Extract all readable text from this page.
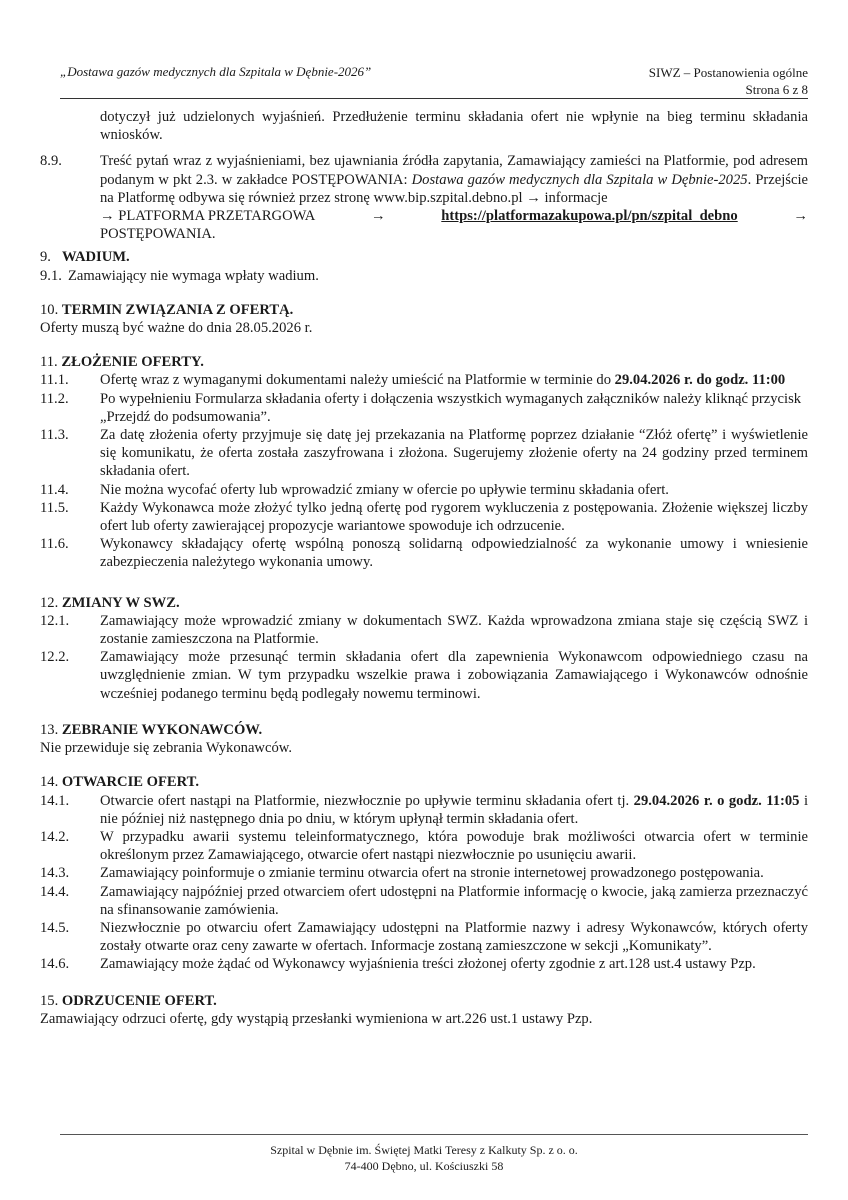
„Dostawa gazów medycznych dla Szpitala w Dębnie-2026”	SIWZ – Postanowienia ogólne
Strona 6 z 8
dotyczył już udzielonych wyjaśnień. Przedłużenie terminu składania ofert nie wpłynie na bieg terminu składania wniosków.
8.9.	Treść pytań wraz z wyjaśnieniami, bez ujawniania źródła zapytania, Zamawiający zamieści na Platformie, pod adresem podanym w pkt 2.3. w zakładce POSTĘPOWANIA: Dostawa gazów medycznych dla Szpitala w Dębnie-2025. Przejście na Platformę odbywa się również przez stronę www.bip.szpital.debno.pl → informacje
→ PLATFORMA PRZETARGOWA	→	https://platformazakupowa.pl/pn/szpital_debno	→
POSTĘPOWANIA.
9. WADIUM.
9.1. Zamawiający nie wymaga wpłaty wadium.
10. TERMIN ZWIĄZANIA Z OFERTĄ.
Oferty muszą być ważne do dnia 28.05.2026 r.
11. ZŁOŻENIE OFERTY.
11.1.	Ofertę wraz z wymaganymi dokumentami należy umieścić na Platformie w terminie do 29.04.2026 r. do godz. 11:00
11.2.	Po wypełnieniu Formularza składania oferty i dołączenia wszystkich wymaganych załączników należy kliknąć przycisk „Przejdź do podsumowania”.
11.3.	Za datę złożenia oferty przyjmuje się datę jej przekazania na Platformę poprzez działanie “Złóż ofertę” i wyświetlenie się komunikatu, że oferta została zaszyfrowana i złożona. Sugerujemy złożenie oferty na 24 godziny przed terminem składania ofert.
11.4.	Nie można wycofać oferty lub wprowadzić zmiany w ofercie po upływie terminu składania ofert.
11.5.	Każdy Wykonawca może złożyć tylko jedną ofertę pod rygorem wykluczenia z postępowania. Złożenie większej liczby ofert lub oferty zawierającej propozycje wariantowe spowoduje ich odrzucenie.
11.6.	Wykonawcy składający ofertę wspólną ponoszą solidarną odpowiedzialność za wykonanie umowy i wniesienie zabezpieczenia należytego wykonania umowy.
12. ZMIANY W SWZ.
12.1.	Zamawiający może wprowadzić zmiany w dokumentach SWZ. Każda wprowadzona zmiana staje się częścią SWZ i zostanie zamieszczona na Platformie.
12.2.	Zamawiający może przesunąć termin składania ofert dla zapewnienia Wykonawcom odpowiedniego czasu na uwzględnienie zmian. W tym przypadku wszelkie prawa i zobowiązania Zamawiającego i Wykonawców odnośnie wcześniej podanego terminu będą podlegały nowemu terminowi.
13. ZEBRANIE WYKONAWCÓW.
Nie przewiduje się zebrania Wykonawców.
14. OTWARCIE OFERT.
14.1.	Otwarcie ofert nastąpi na Platformie, niezwłocznie po upływie terminu składania ofert tj. 29.04.2026 r. o godz. 11:05 i nie później niż następnego dnia po dniu, w którym upłynął termin składania ofert.
14.2.	W przypadku awarii systemu teleinformatycznego, która powoduje brak możliwości otwarcia ofert w terminie określonym przez Zamawiającego, otwarcie ofert nastąpi niezwłocznie po usunięciu awarii.
14.3.	Zamawiający poinformuje o zmianie terminu otwarcia ofert na stronie internetowej prowadzonego postępowania.
14.4.	Zamawiający najpóźniej przed otwarciem ofert udostępni na Platformie informację o kwocie, jaką zamierza przeznaczyć na sfinansowanie zamówienia.
14.5.	Niezwłocznie po otwarciu ofert Zamawiający udostępni na Platformie nazwy i adresy Wykonawców, których oferty zostały otwarte oraz ceny zawarte w ofertach. Informacje zostaną zamieszczone w sekcji „Komunikaty”.
14.6.	Zamawiający może żądać od Wykonawcy wyjaśnienia treści złożonej oferty zgodnie z art.128 ust.4 ustawy Pzp.
15. ODRZUCENIE OFERT.
Zamawiający odrzuci ofertę, gdy wystąpią przesłanki wymieniona w art.226 ust.1 ustawy Pzp.
Szpital w Dębnie im. Świętej Matki Teresy z Kalkuty Sp. z o. o.
74-400 Dębno, ul. Kościuszki 58
